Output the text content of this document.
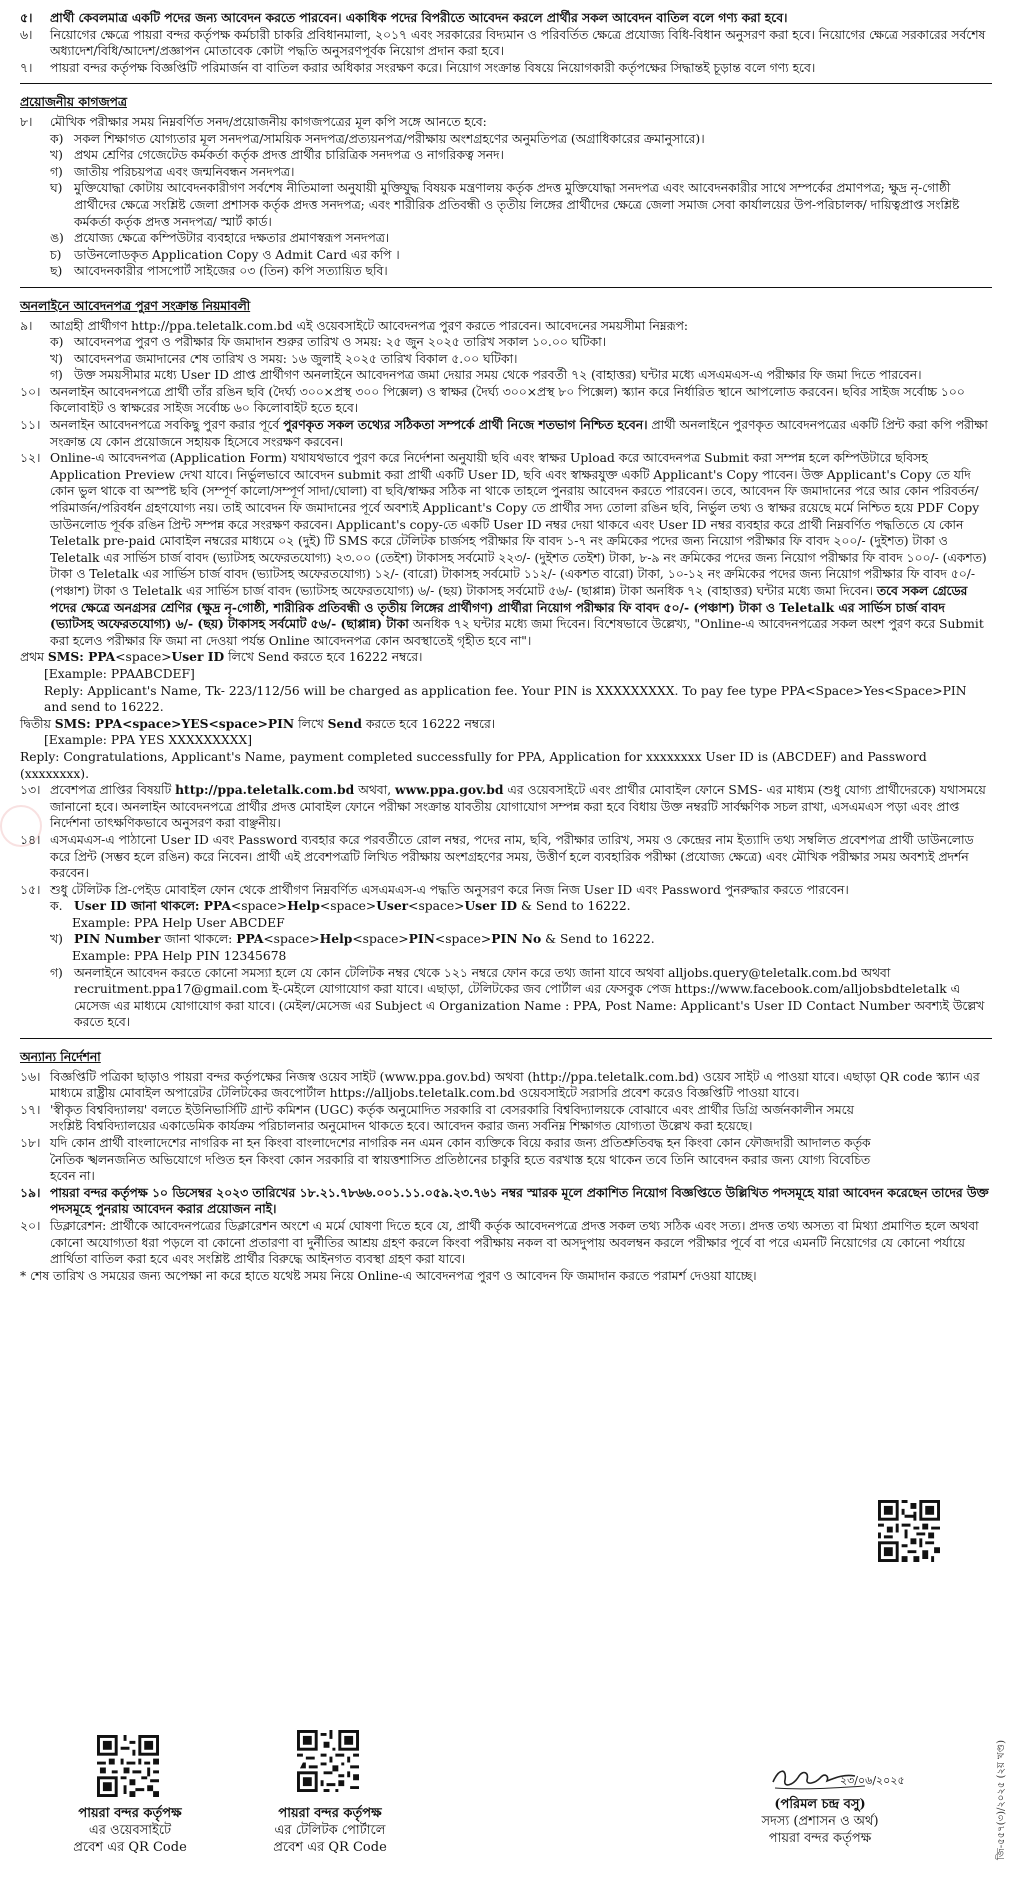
৫।	প্রার্থী কেবলমাত্র একটি পদের জন্য আবেদন করতে পারবেন। একাধিক পদের বিপরীতে আবেদন করলে প্রার্থীর সকল আবেদন বাতিল বলে গণ্য করা হবে।
৬।	নিয়োগের ক্ষেত্রে পায়রা বন্দর কর্তৃপক্ষ কর্মচারী চাকরি প্রবিধানমালা, ২০১৭ এবং সরকারের বিদ্যমান ও পরিবর্তিত ক্ষেত্রে প্রযোজ্য বিধি-বিধান অনুসরণ করা হবে। নিয়োগের ক্ষেত্রে সরকারের সর্বশেষ অধ্যাদেশ/বিধি/আদেশ/প্রজ্ঞাপন মোতাবেক কোটা পদ্ধতি অনুসরণপূর্বক নিয়োগ প্রদান করা হবে।
৭।	পায়রা বন্দর কর্তৃপক্ষ বিজ্ঞপ্তিটি পরিমার্জন বা বাতিল করার অধিকার সংরক্ষণ করে। নিয়োগ সংক্রান্ত বিষয়ে নিয়োগকারী কর্তৃপক্ষের সিদ্ধান্তই চূড়ান্ত বলে গণ্য হবে।
প্রয়োজনীয় কাগজপত্র
৮।	মৌখিক পরীক্ষার সময় নিম্নবর্ণিত সনদ/প্রয়োজনীয় কাগজপত্রের মূল কপি সঙ্গে আনতে হবে:
ক) সকল শিক্ষাগত যোগ্যতার মূল সনদপত্র/সাময়িক সনদপত্র/প্রত্যয়নপত্র/পরীক্ষায় অংশগ্রহণের অনুমতিপত্র (অগ্রাধিকারের ক্রমানুসারে)।
খ) প্রথম শ্রেণির গেজেটেড কর্মকর্তা কর্তৃক প্রদত্ত প্রার্থীর চারিত্রিক সনদপত্র ও নাগরিকত্ব সনদ।
গ) জাতীয় পরিচয়পত্র এবং জন্মনিবন্ধন সনদপত্র।
ঘ) মুক্তিযোদ্ধা কোটায় আবেদনকারীগণ সর্বশেষ নীতিমালা অনুযায়ী মুক্তিযুদ্ধ বিষয়ক মন্ত্রণালয় কর্তৃক প্রদত্ত মুক্তিযোদ্ধা সনদপত্র এবং আবেদনকারীর সাথে সম্পর্কের প্রমাণপত্র; ক্ষুদ্র নৃ-গোষ্ঠী প্রার্থীদের ক্ষেত্রে সংশ্লিষ্ট জেলা প্রশাসক কর্তৃক প্রদত্ত সনদপত্র; এবং শারীরিক প্রতিবন্ধী ও তৃতীয় লিঙ্গের প্রার্থীদের ক্ষেত্রে জেলা সমাজ সেবা কার্যালয়ের উপ-পরিচালক/ দায়িত্বপ্রাপ্ত সংশ্লিষ্ট কর্মকর্তা কর্তৃক প্রদত্ত সনদপত্র/ স্মার্ট কার্ড।
ঙ) প্রযোজ্য ক্ষেত্রে কম্পিউটার ব্যবহারে দক্ষতার প্রমাণস্বরূপ সনদপত্র।
চ)	ডাউনলোডকৃত Application Copy ও Admit Card এর কপি ।
ছ) আবেদনকারীর পাসপোর্ট সাইজের ০৩ (তিন) কপি সত্যায়িত ছবি।
অনলাইনে আবেদনপত্র পুরণ সংক্রান্ত নিয়মাবলী
৯।	আগ্রহী প্রার্থীগণ http://ppa.teletalk.com.bd এই ওয়েবসাইটে আবেদনপত্র পুরণ করতে পারবেন। আবেদনের সময়সীমা নিম্নরূপ:
ক) আবেদনপত্র পুরণ ও পরীক্ষার ফি জমাদান শুরুর তারিখ ও সময়: ২৫ জুন ২০২৫ তারিখ সকাল ১০.০০ ঘটিকা।
খ) আবেদনপত্র জমাদানের শেষ তারিখ ও সময়: ১৬ জুলাই ২০২৫ তারিখ বিকাল ৫.০০ ঘটিকা।
গ) উক্ত সময়সীমার মধ্যে User ID প্রাপ্ত প্রার্থীগণ অনলাইনে আবেদনপত্র জমা দেয়ার সময় থেকে পরবর্তী ৭২ (বাহাত্তর) ঘন্টার মধ্যে এসএমএস-এ পরীক্ষার ফি জমা দিতে পারবেন।
১০। অনলাইন আবেদনপত্রে প্রার্থী তাঁর রঙিন ছবি (দৈর্ঘ্য ৩০০×প্রস্থ ৩০০ পিক্সেল) ও স্বাক্ষর (দৈর্ঘ্য ৩০০×প্রস্থ ৮০ পিক্সেল) স্ক্যান করে নির্ধারিত স্থানে আপলোড করবেন। ছবির সাইজ সর্বোচ্চ ১০০ কিলোবাইট ও স্বাক্ষরের সাইজ সর্বোচ্চ ৬০ কিলোবাইট হতে হবে।
১১। অনলাইন আবেদনপত্রে সবকিছু পুরণ করার পূর্বে পুরণকৃত সকল তথ্যের সঠিকতা সম্পর্কে প্রার্থী নিজে শতভাগ নিশ্চিত হবেন। প্রার্থী অনলাইনে পুরণকৃত আবেদনপত্রের একটি প্রিন্ট করা কপি পরীক্ষা সংক্রান্ত যে কোন প্রয়োজনে সহায়ক হিসেবে সংরক্ষণ করবেন।
১২। Online-এ আবেদনপত্র (Application Form) যথাযথভাবে পুরণ করে নির্দেশনা অনুযায়ী ছবি এবং স্বাক্ষর Upload করে আবেদনপত্র Submit করা সম্পন্ন হলে কম্পিউটারে ছবিসহ Application Preview দেখা যাবে। নির্ভুলভাবে আবেদন submit করা প্রার্থী একটি User ID, ছবি এবং স্বাক্ষরযুক্ত একটি Applicant's Copy পাবেন। উক্ত Applicant's Copy তে যদি কোন ভুল থাকে বা অস্পষ্ট ছবি (সম্পূর্ণ কালো/সম্পূর্ণ সাদা/ঘোলা) বা ছবি/স্বাক্ষর সঠিক না থাকে তাহলে পুনরায় আবেদন করতে পারবেন। তবে, আবেদন ফি জমাদানের পরে আর কোন পরিবর্তন/পরিমার্জন/পরিবর্ধন গ্রহণযোগ্য নয়। তাই আবেদন ফি জমাদানের পূর্বে অবশ্যই Applicant's Copy তে প্রার্থীর সদ্য তোলা রঙিন ছবি, নির্ভুল তথ্য ও স্বাক্ষর রয়েছে মর্মে নিশ্চিত হয়ে PDF Copy ডাউনলোড পূর্বক রঙিন প্রিন্ট সম্পন্ন করে সংরক্ষণ করবেন। Applicant's copy-তে একটি User ID নম্বর দেয়া থাকবে এবং User ID নম্বর ব্যবহার করে প্রার্থী নিম্নবর্ণিত পদ্ধতিতে যে কোন Teletalk pre-paid মোবাইল নম্বরের মাধ্যমে ০২ (দুই) টি SMS করে টেলিটক চার্জসহ পরীক্ষার ফি বাবদ ১-৭ নং ক্রমিকের পদের জন্য নিয়োগ পরীক্ষার ফি বাবদ ২০০/- (দুইশত) টাকা ও Teletalk এর সার্ভিস চার্জ বাবদ (ভ্যাটসহ অফেরতযোগ্য) ২৩.০০ (তেইশ) টাকাসহ সর্বমোট ২২৩/- (দুইশত তেইশ) টাকা, ৮-৯ নং ক্রমিকের পদের জন্য নিয়োগ পরীক্ষার ফি বাবদ ১০০/- (একশত) টাকা ও Teletalk এর সার্ভিস চার্জ বাবদ (ভ্যাটসহ অফেরতযোগ্য) ১২/- (বারো) টাকাসহ সর্বমোট ১১২/- (একশত বারো) টাকা, ১০-১২ নং ক্রমিকের পদের জন্য নিয়োগ পরীক্ষার ফি বাবদ ৫০/- (পঞ্চাশ) টাকা ও Teletalk এর সার্ভিস চার্জ বাবদ (ভ্যাটসহ অফেরতযোগ্য) ৬/- (ছয়) টাকাসহ সর্বমোট ৫৬/- (ছাপ্পান্ন) টাকা অনধিক ৭২ (বাহাত্তর) ঘন্টার মধ্যে জমা দিবেন। তবে সকল গ্রেডের পদের ক্ষেত্রে অনগ্রসর শ্রেণির (ক্ষুদ্র নৃ-গোষ্ঠী, শারীরিক প্রতিবন্ধী ও তৃতীয় লিঙ্গের প্রার্থীগণ) প্রার্থীরা নিয়োগ পরীক্ষার ফি বাবদ ৫০/- (পঞ্চাশ) টাকা ও Teletalk এর সার্ভিস চার্জ বাবদ (ভ্যাটসহ অফেরতযোগ্য) ৬/- (ছয়) টাকাসহ সর্বমোট ৫৬/- (ছাপ্পান্ন) টাকা অনধিক ৭২ ঘন্টার মধ্যে জমা দিবেন। বিশেষভাবে উল্লেখ্য, "Online-এ আবেদনপত্রের সকল অংশ পুরণ করে Submit করা হলেও পরীক্ষার ফি জমা না দেওয়া পর্যন্ত Online আবেদনপত্র কোন অবস্থাতেই গৃহীত হবে না"।
প্রথম SMS: PPA<space>User ID লিখে Send করতে হবে 16222 নম্বরে।
[Example: PPAABCDEF]
Reply: Applicant's Name, Tk- 223/112/56 will be charged as application fee. Your PIN is XXXXXXXXX. To pay fee type PPA<Space>Yes<Space>PIN and send to 16222.
দ্বিতীয় SMS: PPA<space>YES<space>PIN লিখে Send করতে হবে 16222 নম্বরে।
[Example: PPA YES XXXXXXXXX]
Reply: Congratulations, Applicant's Name, payment completed successfully for PPA, Application for xxxxxxxx User ID is (ABCDEF) and Password (xxxxxxxx).
১৩। প্রবেশপত্র প্রাপ্তির বিষয়টি http://ppa.teletalk.com.bd অথবা, www.ppa.gov.bd এর ওয়েবসাইটে এবং প্রার্থীর মোবাইল ফোনে SMS- এর মাধ্যম (শুধু যোগ্য প্রার্থীদেরকে) যথাসময়ে জানানো হবে। অনলাইন আবেদনপত্রে প্রার্থীর প্রদত্ত মোবাইল ফোনে পরীক্ষা সংক্রান্ত যাবতীয় যোগাযোগ সম্পন্ন করা হবে বিধায় উক্ত নম্বরটি সার্বক্ষণিক সচল রাখা, এসএমএস পড়া এবং প্রাপ্ত নির্দেশনা তাৎক্ষণিকভাবে অনুসরণ করা বাঞ্ছনীয়।
১৪। এসএমএস-এ পাঠানো User ID এবং Password ব্যবহার করে পরবর্তীতে রোল নম্বর, পদের নাম, ছবি, পরীক্ষার তারিখ, সময় ও কেন্দ্রের নাম ইত্যাদি তথ্য সম্বলিত প্রবেশপত্র প্রার্থী ডাউনলোড করে প্রিন্ট (সম্ভব হলে রঙিন) করে নিবেন। প্রার্থী এই প্রবেশপত্রটি লিখিত পরীক্ষায় অংশগ্রহণের সময়, উত্তীর্ণ হলে ব্যবহারিক পরীক্ষা (প্রযোজ্য ক্ষেত্রে) এবং মৌখিক পরীক্ষার সময় অবশ্যই প্রদর্শন করবেন।
১৫। শুধু টেলিটক প্রি-পেইড মোবাইল ফোন থেকে প্রার্থীগণ নিম্নবর্ণিত এসএমএস-এ পদ্ধতি অনুসরণ করে নিজ নিজ User ID এবং Password পুনরুদ্ধার করতে পারবেন।
ক. User ID জানা থাকলে: PPA<space>Help<space>User<space>User ID & Send to 16222.
Example: PPA Help User ABCDEF
খ) PIN Number জানা থাকলে: PPA<space>Help<space>PIN<space>PIN No & Send to 16222.
Example: PPA Help PIN 12345678
গ) অনলাইনে আবেদন করতে কোনো সমস্যা হলে যে কোন টেলিটক নম্বর থেকে ১২১ নম্বরে ফোন করে তথ্য জানা যাবে অথবা alljobs.query@teletalk.com.bd অথবা recruitment.ppa17@gmail.com ই-মেইলে যোগাযোগ করা যাবে। এছাড়া, টেলিটকের জব পোর্টাল এর ফেসবুক পেজ https://www.facebook.com/alljobsbdteletalk এ মেসেজ এর মাধ্যমে যোগাযোগ করা যাবে। (মেইল/মেসেজ এর Subject এ Organization Name : PPA, Post Name: Applicant's User ID Contact Number অবশ্যই উল্লেখ করতে হবে।
অন্যান্য নির্দেশনা
১৬। বিজ্ঞপ্তিটি পত্রিকা ছাড়াও পায়রা বন্দর কর্তৃপক্ষের নিজস্ব ওয়েব সাইট (www.ppa.gov.bd) অথবা (http://ppa.teletalk.com.bd) ওয়েব সাইট এ পাওয়া যাবে। এছাড়া QR code স্ক্যান এর মাধ্যমে রাষ্ট্রীয় মোবাইল অপারেটর টেলিটকের জবপোর্টাল https://alljobs.teletalk.com.bd ওয়েবসাইটে সরাসরি প্রবেশ করেও বিজ্ঞপ্তিটি পাওয়া যাবে।
১৭। 'স্বীকৃত বিশ্ববিদ্যালয়' বলতে ইউনিভার্সিটি গ্রান্ট কমিশন (UGC) কর্তৃক অনুমোদিত সরকারি বা বেসরকারি বিশ্ববিদ্যালয়কে বোঝাবে এবং প্রার্থীর ডিগ্রি অর্জনকালীন সময়ে সংশ্লিষ্ট বিশ্ববিদ্যালয়ের একাডেমিক কার্যক্রম পরিচালনার অনুমোদন থাকতে হবে। আবেদন করার জন্য সর্বনিম্ন শিক্ষাগত যোগ্যতা উল্লেখ করা হয়েছে।
১৮। যদি কোন প্রার্থী বাংলাদেশের নাগরিক না হন কিংবা বাংলাদেশের নাগরিক নন এমন কোন ব্যক্তিকে বিয়ে করার জন্য প্রতিশ্রুতিবদ্ধ হন কিংবা কোন ফৌজদারী আদালত কর্তৃক নৈতিক স্খলনজনিত অভিযোগে দণ্ডিত হন কিংবা কোন সরকারি বা স্বায়ত্তশাসিত প্রতিষ্ঠানের চাকুরি হতে বরখাস্ত হয়ে থাকেন তবে তিনি আবেদন করার জন্য যোগ্য বিবেচিত হবেন না।
১৯। পায়রা বন্দর কর্তৃপক্ষ ১০ ডিসেম্বর ২০২৩ তারিখের ১৮.২১.৭৮৬৬.০০১.১১.০৫৯.২৩.৭৬১ নম্বর স্মারক মূলে প্রকাশিত নিয়োগ বিজ্ঞপ্তিতে উল্লিখিত পদসমূহে যারা আবেদন করেছেন তাদের উক্ত পদসমূহে পুনরায় আবেদন করার প্রয়োজন নাই।
২০। ডিক্লারেশন: প্রার্থীকে আবেদনপত্রের ডিক্লারেশন অংশে এ মর্মে ঘোষণা দিতে হবে যে, প্রার্থী কর্তৃক আবেদনপত্রে প্রদত্ত সকল তথ্য সঠিক এবং সত্য। প্রদত্ত তথ্য অসত্য বা মিথ্যা প্রমাণিত হলে অথবা কোনো অযোগ্যতা ধরা পড়লে বা কোনো প্রতারণা বা দুর্নীতির আশ্রয় গ্রহণ করলে কিংবা পরীক্ষায় নকল বা অসদুপায় অবলম্বন করলে পরীক্ষার পূর্বে বা পরে এমনটি নিয়োগের যে কোনো পর্যায়ে প্রার্থিতা বাতিল করা হবে এবং সংশ্লিষ্ট প্রার্থীর বিরুদ্ধে আইনগত ব্যবস্থা গ্রহণ করা যাবে।
* শেষ তারিখ ও সময়ের জন্য অপেক্ষা না করে হাতে যথেষ্ট সময় নিয়ে Online-এ আবেদনপত্র পুরণ ও আবেদন ফি জমাদান করতে পরামর্শ দেওয়া যাচ্ছে।
পায়রা বন্দর কর্তৃপক্ষ
এর ওয়েবসাইটে
প্রবেশ এর QR Code
পায়রা বন্দর কর্তৃপক্ষ
এর টেলিটক পোর্টালে
প্রবেশ এর QR Code
২৩/০৬/২০২৫
(পরিমল চন্দ্র বসু)
সদস্য (প্রশাসন ও অর্থ)
পায়রা বন্দর কর্তৃপক্ষ	জি-৫৫৭(৩)/২০২৫ (২য় খণ্ড)
